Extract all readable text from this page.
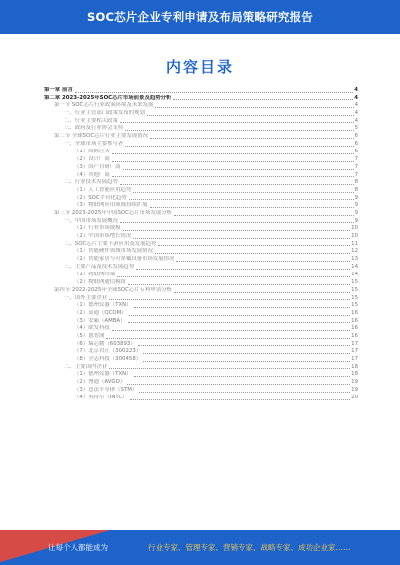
SOC芯片企业专利申请及布局策略研究报告
内容目录
第一章 前言	4
第二章 2023-2025年SOC芯片市场前景及趋势分析	4
第一节 SOC芯片行业政策环境及未来发展	4
一、行业主管部门政策发布的规划	4
二、行业主要相关政策	4
三、政府及行业协会支持	5
第二节 全球SOC芯片行业主要发展情况	6
一、全球市场主要参与者	6
（1）国际巨头	6
（2）设计厂商	7
（3）国产自研厂商	7
（4）其他厂商	7
二、行业技术发展趋势	8
（1）人工智能应用趋势	8
（2）SOC平台化趋势	9
（3）物联网应用领域持续扩展	9
第三节 2023-2025年中国SOC芯片市场发展分析	9
一、中国市场发展概况	9
（1）行业市场规模	10
（2）中国市场增长情况	10
二、SOC芯片主要下游应用及发展趋势	11
（1）智能硬件领域市场发展情况	12
（2）智能家居与可穿戴设备市场发展情况	13
三、主要产品及技术发展趋势	14
（1）物联网终端	14
（2）物联网通信模组	15
第四节 2022-2025年全球SOC芯片专利申请分析	15
一、国外主要企业	15
（1）德州仪器（TXN）	15
（2）高通（QCOM）	16
（3）安霸（AMBA）	16
（4）联发科技	16
（5）恩智浦	16
（6）瑞芯微（603893）	17
（7）北京君正（300223）	17
（8）全志科技（300458）	17
二、主要国内企业	18
（1）德州仪器（TXN）	18
（2）博通（AVGO）	19
（3）意法半导体（STM）	19
（4）英特尔（INTC）	20
让每个人都能成为	行业专家、管理专家、营销专家、战略专家、成功企业家……
